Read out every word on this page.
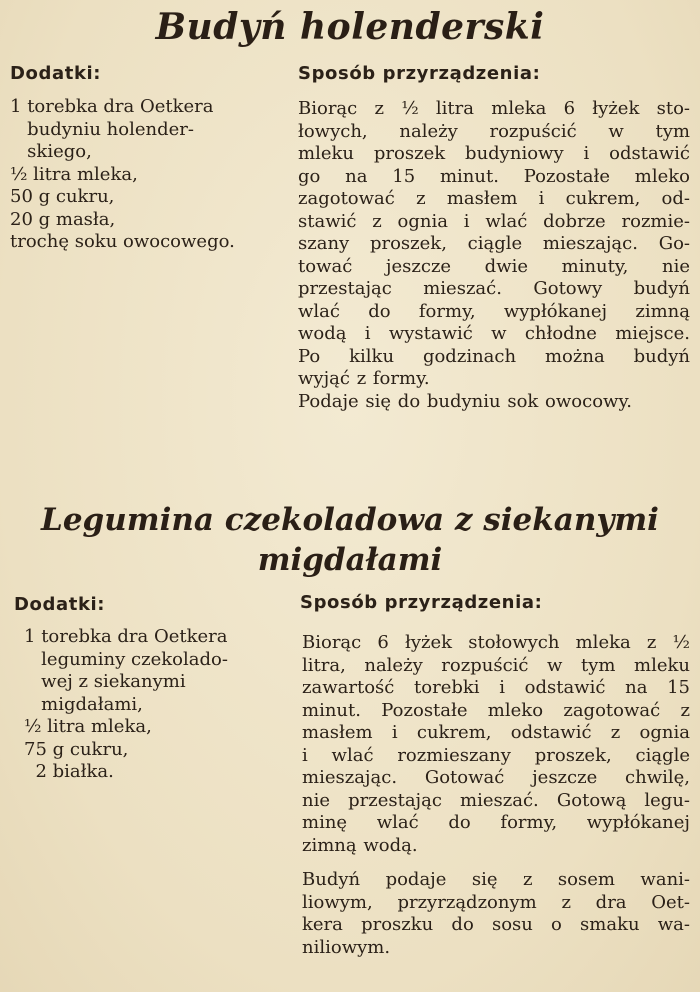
Budyń holenderski
Dodatki:	Sposób przyrządzenia:
1 torebka dra Oetkera

budyniu holender-

skiego,
½ litra mleka,
50 g cukru,
20 g masła,
trochę soku owocowego.
Biorąc z ½ litra mleka 6 łyżek sto-
łowych, należy rozpuścić w tym
mleku proszek budyniowy i odstawić
go na 15 minut. Pozostałe mleko
zagotować z masłem i cukrem, od-
stawić z ognia i wlać dobrze rozmie-
szany proszek, ciągle mieszając. Go-
tować jeszcze dwie minuty, nie
przestając mieszać. Gotowy budyń
wlać do formy, wypłókanej zimną
wodą i wystawić w chłodne miejsce.
Po kilku godzinach można budyń
wyjąć z formy.
Podaje się do budyniu sok owocowy.
Legumina czekoladowa z siekanymi
migdałami
Dodatki:	Sposób przyrządzenia:
1 torebka dra Oetkera

leguminy czekolado-

wej z siekanymi

migdałami,
½ litra mleka,
75 g cukru,
2 białka.
Biorąc 6 łyżek stołowych mleka z ½
litra, należy rozpuścić w tym mleku
zawartość torebki i odstawić na 15
minut. Pozostałe mleko zagotować z
masłem i cukrem, odstawić z ognia
i wlać rozmieszany proszek, ciągle
mieszając. Gotować jeszcze chwilę,
nie przestając mieszać. Gotową legu-
minę wlać do formy, wypłókanej
zimną wodą.
Budyń podaje się z sosem wani-
liowym, przyrządzonym z dra Oet-
kera proszku do sosu o smaku wa-
niliowym.
